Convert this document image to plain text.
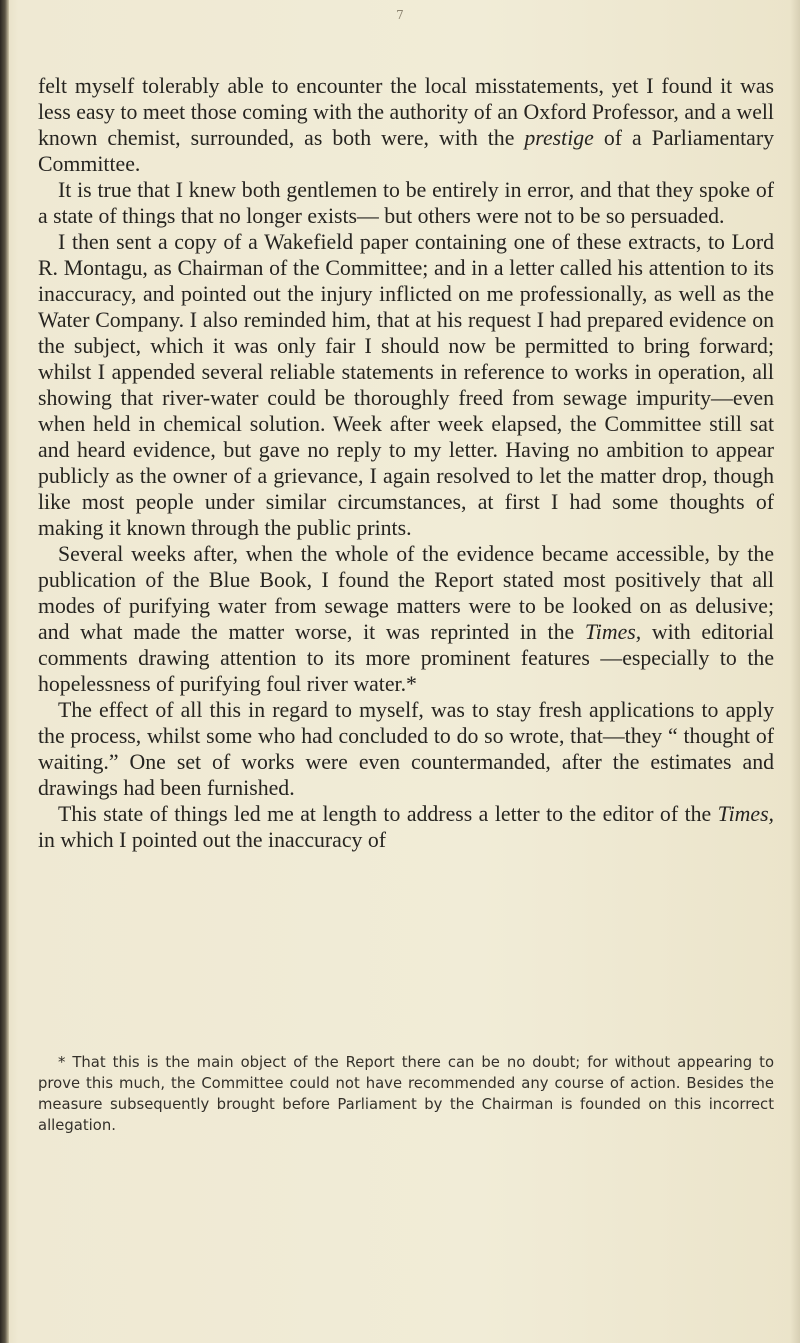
7

felt myself tolerably able to encounter the local misstatements, yet I found it was less easy to meet those coming with the authority of an Oxford Professor, and a well known chemist, surrounded, as both were, with the prestige of a Parliamentary Committee.

It is true that I knew both gentlemen to be entirely in error, and that they spoke of a state of things that no longer exists— but others were not to be so persuaded.

I then sent a copy of a Wakefield paper containing one of these extracts, to Lord R. Montagu, as Chairman of the Committee; and in a letter called his attention to its inaccuracy, and pointed out the injury inflicted on me professionally, as well as the Water Company. I also reminded him, that at his request I had prepared evidence on the subject, which it was only fair I should now be permitted to bring forward; whilst I appended several reliable statements in reference to works in operation, all showing that river-water could be thoroughly freed from sewage impurity—even when held in chemical solution. Week after week elapsed, the Committee still sat and heard evidence, but gave no reply to my letter. Having no ambition to appear publicly as the owner of a grievance, I again resolved to let the matter drop, though like most people under similar circumstances, at first I had some thoughts of making it known through the public prints.

Several weeks after, when the whole of the evidence became accessible, by the publication of the Blue Book, I found the Report stated most positively that all modes of purifying water from sewage matters were to be looked on as delusive; and what made the matter worse, it was reprinted in the Times, with editorial comments drawing attention to its more prominent features —especially to the hopelessness of purifying foul river water.*

The effect of all this in regard to myself, was to stay fresh applications to apply the process, whilst some who had concluded to do so wrote, that—they “ thought of waiting.” One set of works were even countermanded, after the estimates and drawings had been furnished.

This state of things led me at length to address a letter to the editor of the Times, in which I pointed out the inaccuracy of

* That this is the main object of the Report there can be no doubt; for without appearing to prove this much, the Committee could not have recommended any course of action. Besides the measure subsequently brought before Parliament by the Chairman is founded on this incorrect allegation.
